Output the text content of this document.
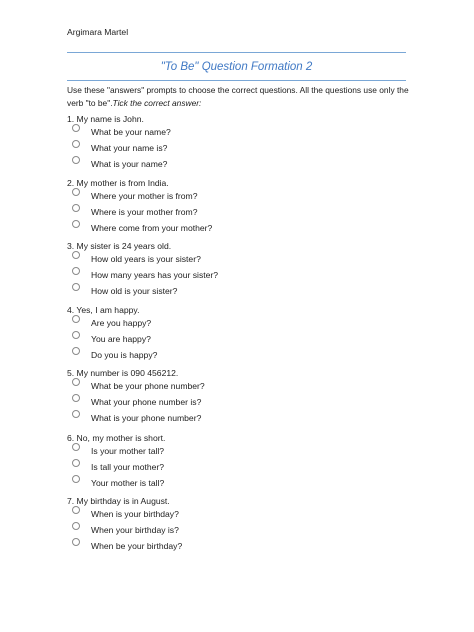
Argimara Martel
"To Be" Question Formation 2
Use these "answers" prompts to choose the correct questions. All the questions use only the verb "to be".Tick the correct answer:
1. My name is John.
What be your name?
What your name is?
What is your name?
2. My mother is from India.
Where your mother is from?
Where is your mother from?
Where come from your mother?
3. My sister is 24 years old.
How old years is your sister?
How many years has your sister?
How old is your sister?
4. Yes, I am happy.
Are you happy?
You are happy?
Do you is happy?
5. My number is 090 456212.
What be your phone number?
What your phone number is?
What is your phone number?
6. No, my mother is short.
Is your mother tall?
Is tall your mother?
Your mother is tall?
7. My birthday is in August.
When is your birthday?
When your birthday is?
When be your birthday?
